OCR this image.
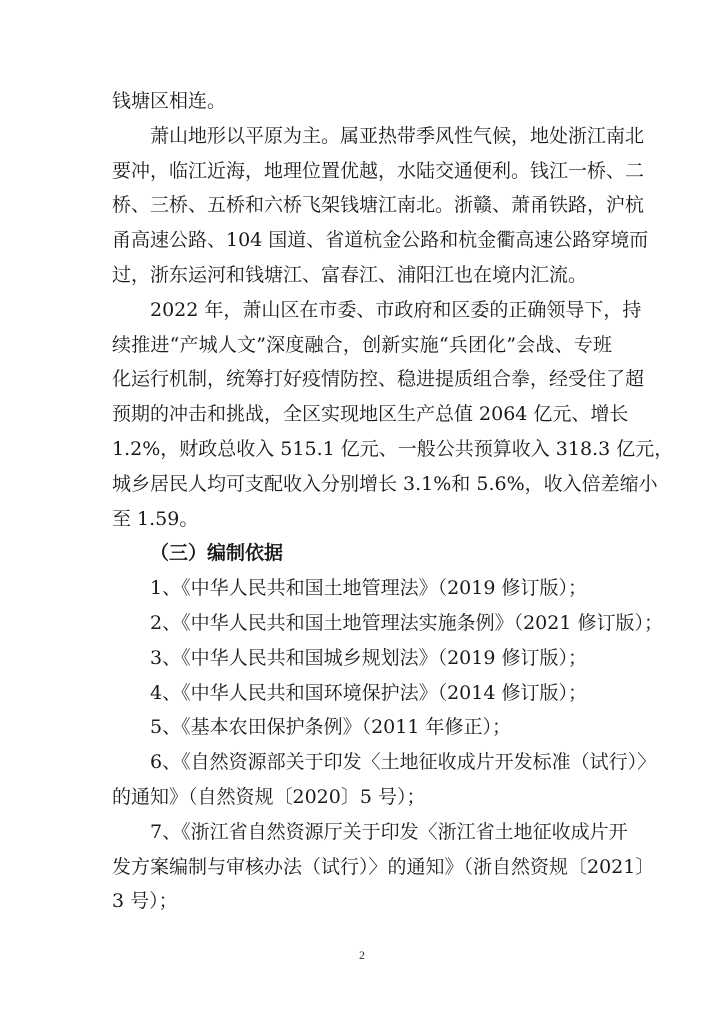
钱塘区相连。
萧山地形以平原为主。属亚热带季风性气候，地处浙江南北
要冲，临江近海，地理位置优越，水陆交通便利。钱江一桥、二
桥、三桥、五桥和六桥飞架钱塘江南北。浙赣、萧甬铁路，沪杭
甬高速公路、104 国道、省道杭金公路和杭金衢高速公路穿境而
过，浙东运河和钱塘江、富春江、浦阳江也在境内汇流。
2022 年，萧山区在市委、市政府和区委的正确领导下，持
续推进“产城人文”深度融合，创新实施“兵团化”会战、专班
化运行机制，统筹打好疫情防控、稳进提质组合拳，经受住了超
预期的冲击和挑战，全区实现地区生产总值 2064 亿元、增长
1.2%，财政总收入 515.1 亿元、一般公共预算收入 318.3 亿元，
城乡居民人均可支配收入分别增长 3.1%和 5.6%，收入倍差缩小
至 1.59。
（三）编制依据
1、《中华人民共和国土地管理法》（2019 修订版）；
2、《中华人民共和国土地管理法实施条例》（2021 修订版）；
3、《中华人民共和国城乡规划法》（2019 修订版）；
4、《中华人民共和国环境保护法》（2014 修订版）；
5、《基本农田保护条例》（2011 年修正）；
6、《自然资源部关于印发〈土地征收成片开发标准（试行）〉
的通知》（自然资规〔2020〕5 号）；
7、《浙江省自然资源厅关于印发〈浙江省土地征收成片开
发方案编制与审核办法（试行）〉的通知》（浙自然资规〔2021〕
3 号）；
2
